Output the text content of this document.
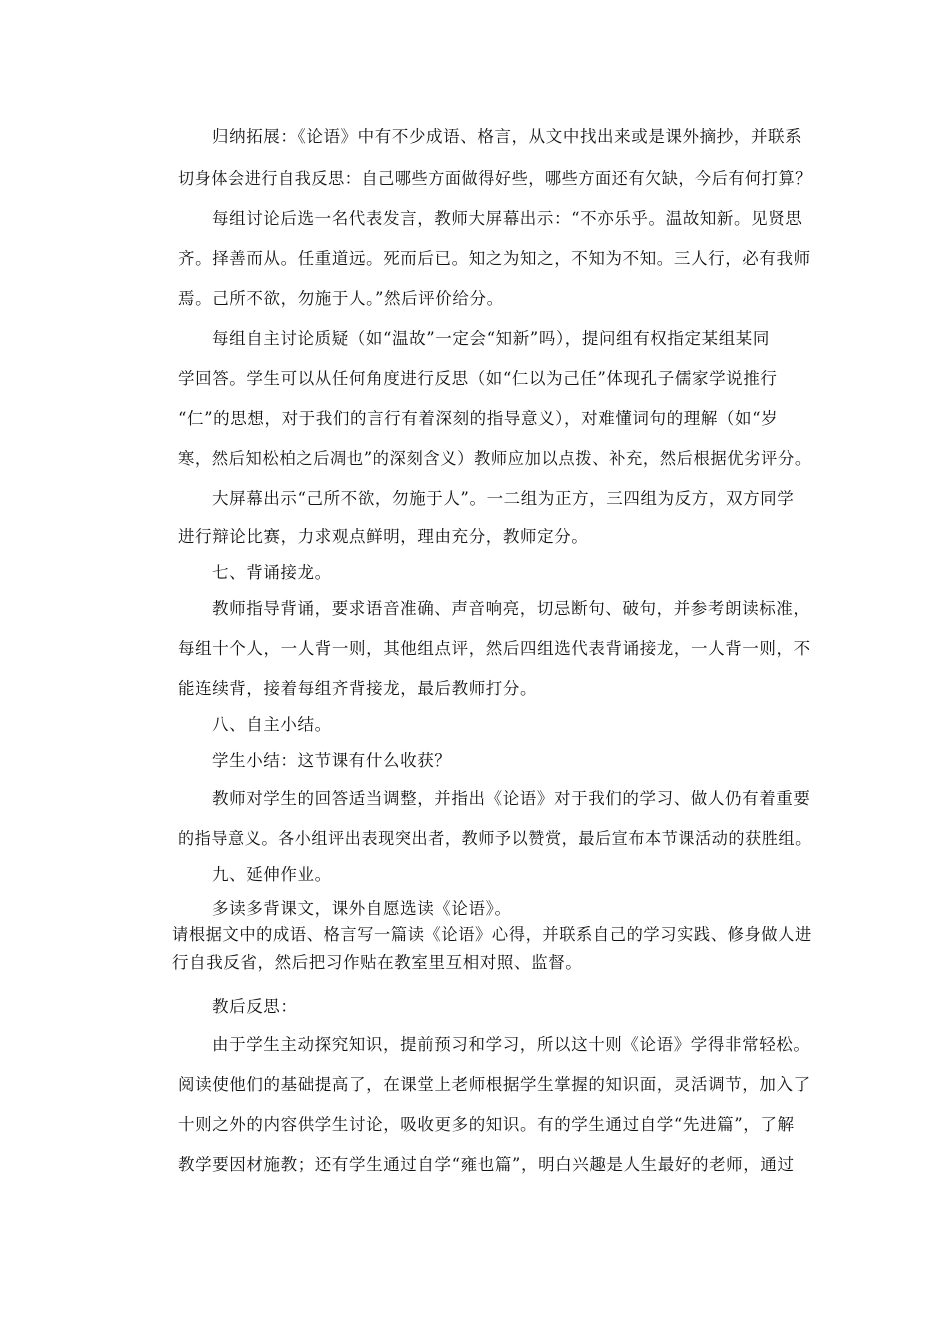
归纳拓展：《论语》中有不少成语、格言，从文中找出来或是课外摘抄，并联系
切身体会进行自我反思：自己哪些方面做得好些，哪些方面还有欠缺，今后有何打算？
每组讨论后选一名代表发言，教师大屏幕出示：“不亦乐乎。温故知新。见贤思
齐。择善而从。任重道远。死而后已。知之为知之，不知为不知。三人行，必有我师
焉。己所不欲，勿施于人。”然后评价给分。
每组自主讨论质疑（如“温故”一定会“知新”吗），提问组有权指定某组某同
学回答。学生可以从任何角度进行反思（如“仁以为己任”体现孔子儒家学说推行
“仁”的思想，对于我们的言行有着深刻的指导意义），对难懂词句的理解（如“岁
寒，然后知松柏之后凋也”的深刻含义）教师应加以点拨、补充，然后根据优劣评分。
大屏幕出示“己所不欲，勿施于人”。一二组为正方，三四组为反方，双方同学
进行辩论比赛，力求观点鲜明，理由充分，教师定分。
七、背诵接龙。
教师指导背诵，要求语音准确、声音响亮，切忌断句、破句，并参考朗读标准，
每组十个人，一人背一则，其他组点评，然后四组选代表背诵接龙，一人背一则，不
能连续背，接着每组齐背接龙，最后教师打分。
八、自主小结。
学生小结：这节课有什么收获？
教师对学生的回答适当调整，并指出《论语》对于我们的学习、做人仍有着重要
的指导意义。各小组评出表现突出者，教师予以赞赏，最后宣布本节课活动的获胜组。
九、延伸作业。
多读多背课文，课外自愿选读《论语》。
请根据文中的成语、格言写一篇读《论语》心得，并联系自己的学习实践、修身做人进
行自我反省，然后把习作贴在教室里互相对照、监督。
教后反思：
由于学生主动探究知识，提前预习和学习，所以这十则《论语》学得非常轻松。
阅读使他们的基础提高了，在课堂上老师根据学生掌握的知识面，灵活调节，加入了
十则之外的内容供学生讨论，吸收更多的知识。有的学生通过自学“先进篇”，了解
教学要因材施教；还有学生通过自学“雍也篇”，明白兴趣是人生最好的老师，通过
